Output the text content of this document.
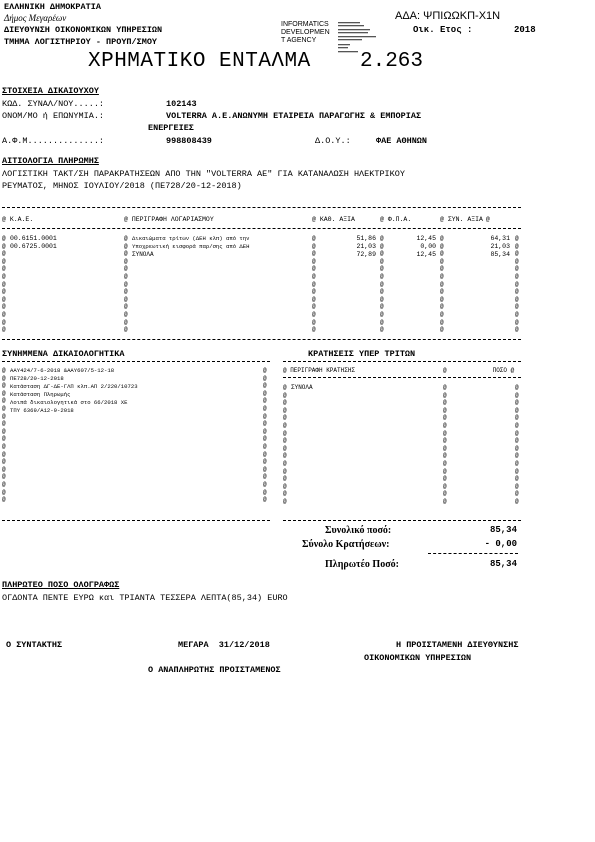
ΕΛΛΗΝΙΚΗ ΔΗΜΟΚΡΑΤΙΑ
Δήμος Μεγαρέων
ΔΙΕΥΘΥΝΣΗ ΟΙΚΟΝΟΜΙΚΩΝ ΥΠΗΡΕΣΙΩΝ
ΤΜΗΜΑ ΛΟΓΙΣΤΗΡΙΟΥ - ΠΡΟΥΠ/ΣΜΟΥ
INFORMATICS
DEVELOPMEN
T AGENCY
ΑΔΑ: ΨΠΙΩΩΚΠ-Χ1Ν
Οικ. Ετος :	2018
ΧΡΗΜΑΤΙΚΟ ΕΝΤΑΛΜΑ 2.263
ΣΤΟΙΧΕΙΑ ΔΙΚΑΙΟΥΧΟΥ
ΚΩΔ. ΣΥΝΑΛ/ΝΟΥ.....:	102143
ΟΝΟΜ/ΜΟ ή ΕΠΩΝΥΜΙΑ.:	VOLTERRA Α.Ε.ΑΝΩΝΥΜΗ ΕΤΑΙΡΕΙΑ ΠΑΡΑΓΩΓΗΣ & ΕΜΠΟΡΙΑΣ
ΕΝΕΡΓΕΙΕΣ
Α.Φ.Μ..............:	998808439	Δ.Ο.Υ.:	ΦΑΕ ΑΘΗΝΩΝ
ΑΙΤΙΟΛΟΓΙΑ ΠΛΗΡΩΜΗΣ
ΛΟΓΙΣΤΙΚΗ ΤΑΚΤ/ΣΗ ΠΑΡΑΚΡΑΤΗΣΕΩΝ ΑΠΟ ΤΗΝ "VOLTERRA ΑΕ" ΓΙΑ ΚΑΤΑΝΑΛΩΣΗ ΗΛΕΚΤΡΙΚΟΥ
ΡΕΥΜΑΤΟΣ, ΜΗΝΟΣ ΙΟΥΛΙΟΥ/2018 (ΠΕ728/20-12-2018)
@ Κ.Α.Ε.	@ ΠΕΡΙΓΡΑΦΗ ΛΟΓΑΡΙΑΣΜΟΥ	@ ΚΑΘ. ΑΞΙΑ	@ Φ.Π.Α.	@ ΣΥΝ. ΑΞΙΑ @
@
@
@
@
@
@
@
@
@
@
@
@
@
@
@
@
@
@
@
@
@
@
@
@
@
@
@
@
@
@
@
@
@
@
@
@
@
@
@
@
@
@
@
@
@
@
@
@
@
@
@
@
@
@
@
@
@
@
@
@
@
@
@
@
@
@
@
@
@
@
@
@
@
@
@
@
@
@
00.6151.0001	Δικαιώματα τρίτων (ΔΕΗ κλπ) από την	51,86	12,45	64,31
00.6725.0001	Υποχρεωτική εισφορά παρ/σης από ΔΕΗ	21,03	0,00	21,03
ΣΥΝΟΛΑ	72,89	12,45	85,34
ΣΥΝΗΜΜΕΝΑ ΔΙΚΑΙΟΛΟΓΗΤΙΚΑ
@
@
@
@
@
@
@
@
@
@
@
@
@
@
@
@
@
@
@
@
@
@
@
@
@
@
@
@
@
@
@
@
@
@
@
@
ΑΑΥ424/7-6-2018 &ΑΑΥ607/5-12-18
ΠΕ728/20-12-2018
Κατάσταση ΔΓ-ΔΕ-ΓΛΠ κλπ.ΑΠ 2/220/10723
Κατάσταση Πληρωμής
Λοιπά δικαιολογητικά στο 66/2018 ΧΕ
ΤΠΥ 6369/Α12-9-2018
ΚΡΑΤΗΣΕΙΣ ΥΠΕΡ ΤΡΙΤΩΝ
@ ΠΕΡΙΓΡΑΦΗ ΚΡΑΤΗΣΗΣ	@	ΠΟΣΟ @
@
@
@
@
@
@
@
@
@
@
@
@
@
@
@
@
@
@
@
@
@
@
@
@
@
@
@
@
@
@
@
@
@
@
@
@
@
@
@
@
@
@
@
@
@
@
@
@
ΣΥΝΟΛΑ
Συνολικό ποσό:	85,34
Σύνολο Κρατήσεων:	- 0,00
Πληρωτέο Ποσό:	85,34
ΠΛΗΡΩΤΕΟ ΠΟΣΟ ΟΛΟΓΡΑΦΩΣ
ΟΓΔΟΝΤΑ ΠΕΝΤΕ ΕΥΡΩ και ΤΡΙΑΝΤΑ ΤΕΣΣΕΡΑ ΛΕΠΤΑ(85,34) EURO
Ο ΣΥΝΤΑΚΤΗΣ	ΜΕΓΑΡΑ  31/12/2018	Η ΠΡΟΙΣΤΑΜΕΝΗ ΔΙΕΥΘΥΝΣΗΣ
ΟΙΚΟΝΟΜΙΚΩΝ ΥΠΗΡΕΣΙΩΝ
Ο ΑΝΑΠΛΗΡΩΤΗΣ ΠΡΟΙΣΤΑΜΕΝΟΣ
